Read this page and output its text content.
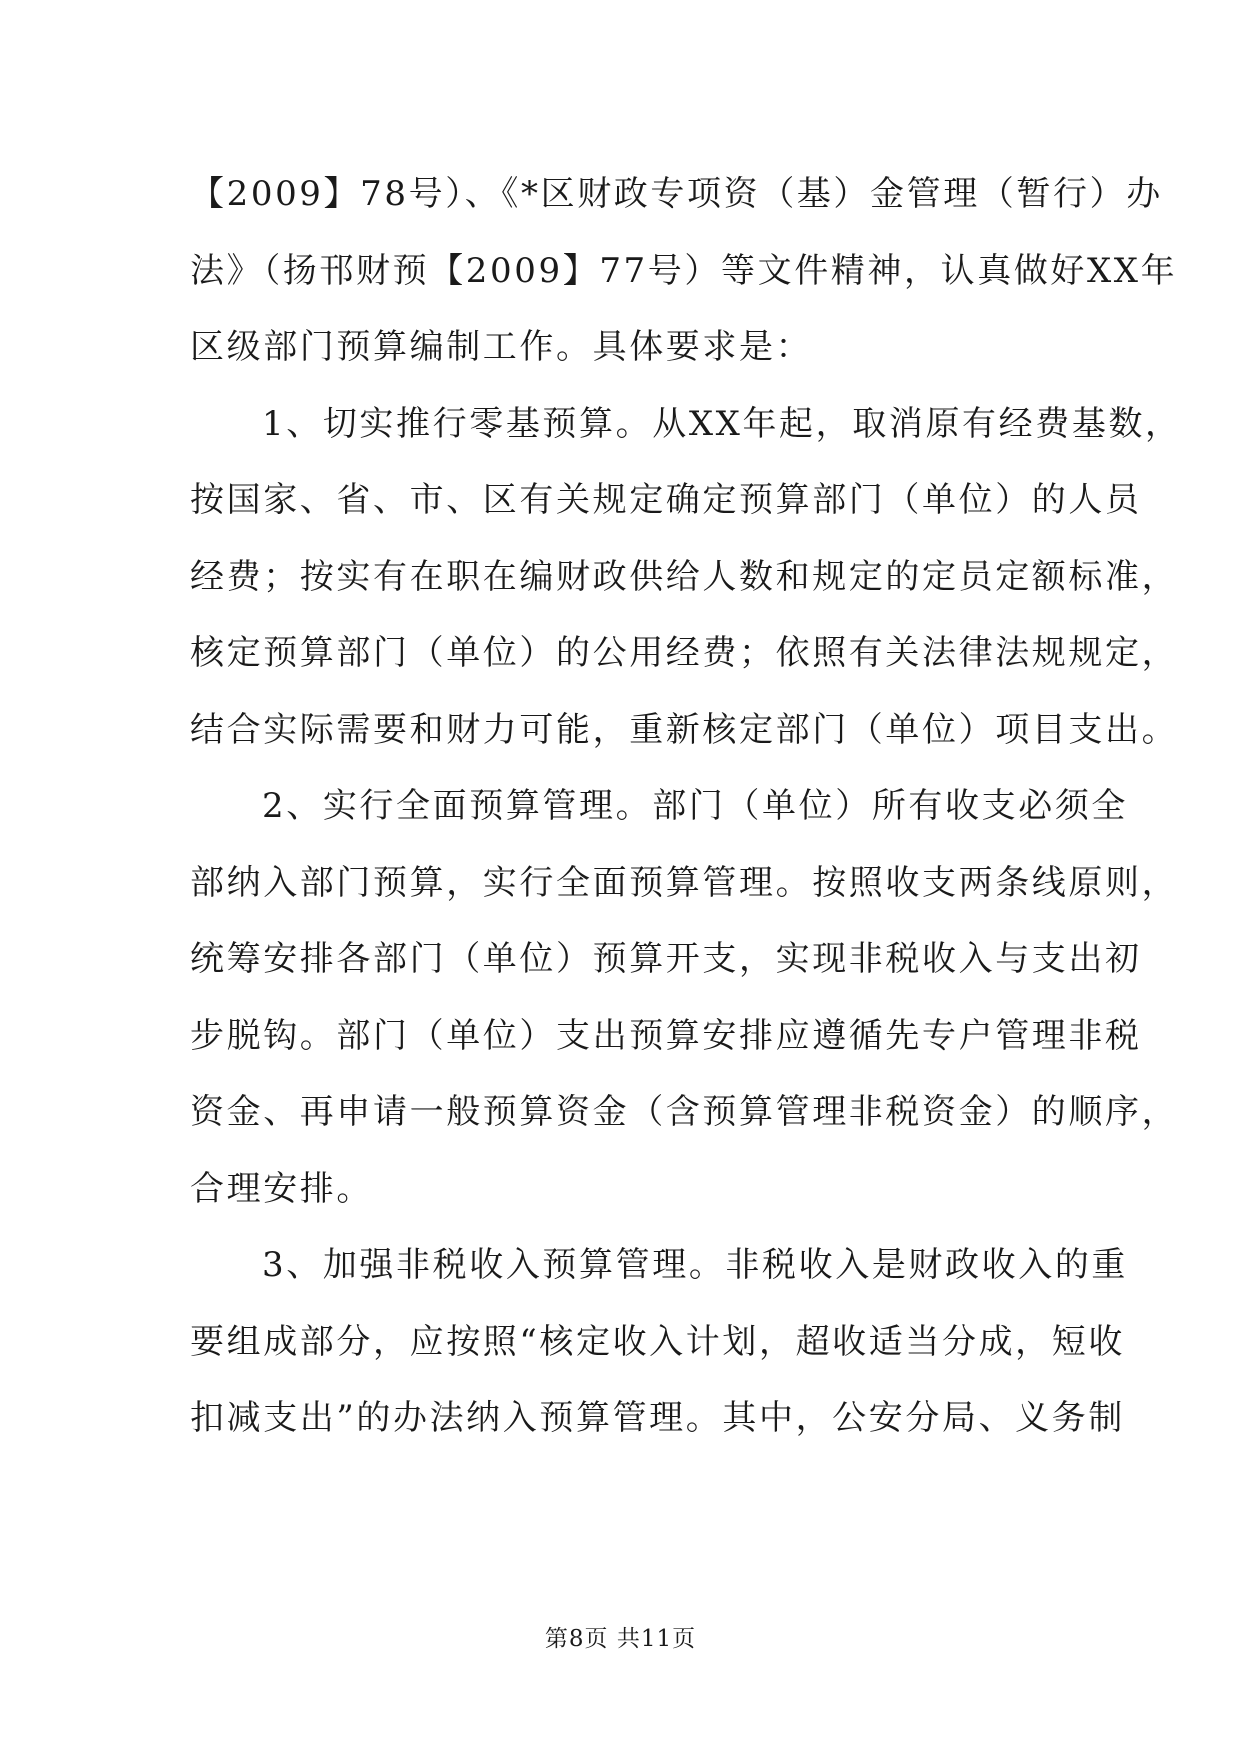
【2009】78号）、《*区财政专项资（基）金管理（暂行）办
法》（扬邗财预【2009】77号）等文件精神，认真做好XX年
区级部门预算编制工作。具体要求是：
1、切实推行零基预算。从XX年起，取消原有经费基数，
按国家、省、市、区有关规定确定预算部门（单位）的人员
经费；按实有在职在编财政供给人数和规定的定员定额标准，
核定预算部门（单位）的公用经费；依照有关法律法规规定，
结合实际需要和财力可能，重新核定部门（单位）项目支出。
2、实行全面预算管理。部门（单位）所有收支必须全
部纳入部门预算，实行全面预算管理。按照收支两条线原则，
统筹安排各部门（单位）预算开支，实现非税收入与支出初
步脱钩。部门（单位）支出预算安排应遵循先专户管理非税
资金、再申请一般预算资金（含预算管理非税资金）的顺序，
合理安排。
3、加强非税收入预算管理。非税收入是财政收入的重
要组成部分，应按照“核定收入计划，超收适当分成，短收
扣减支出”的办法纳入预算管理。其中，公安分局、义务制
第8页 共11页
